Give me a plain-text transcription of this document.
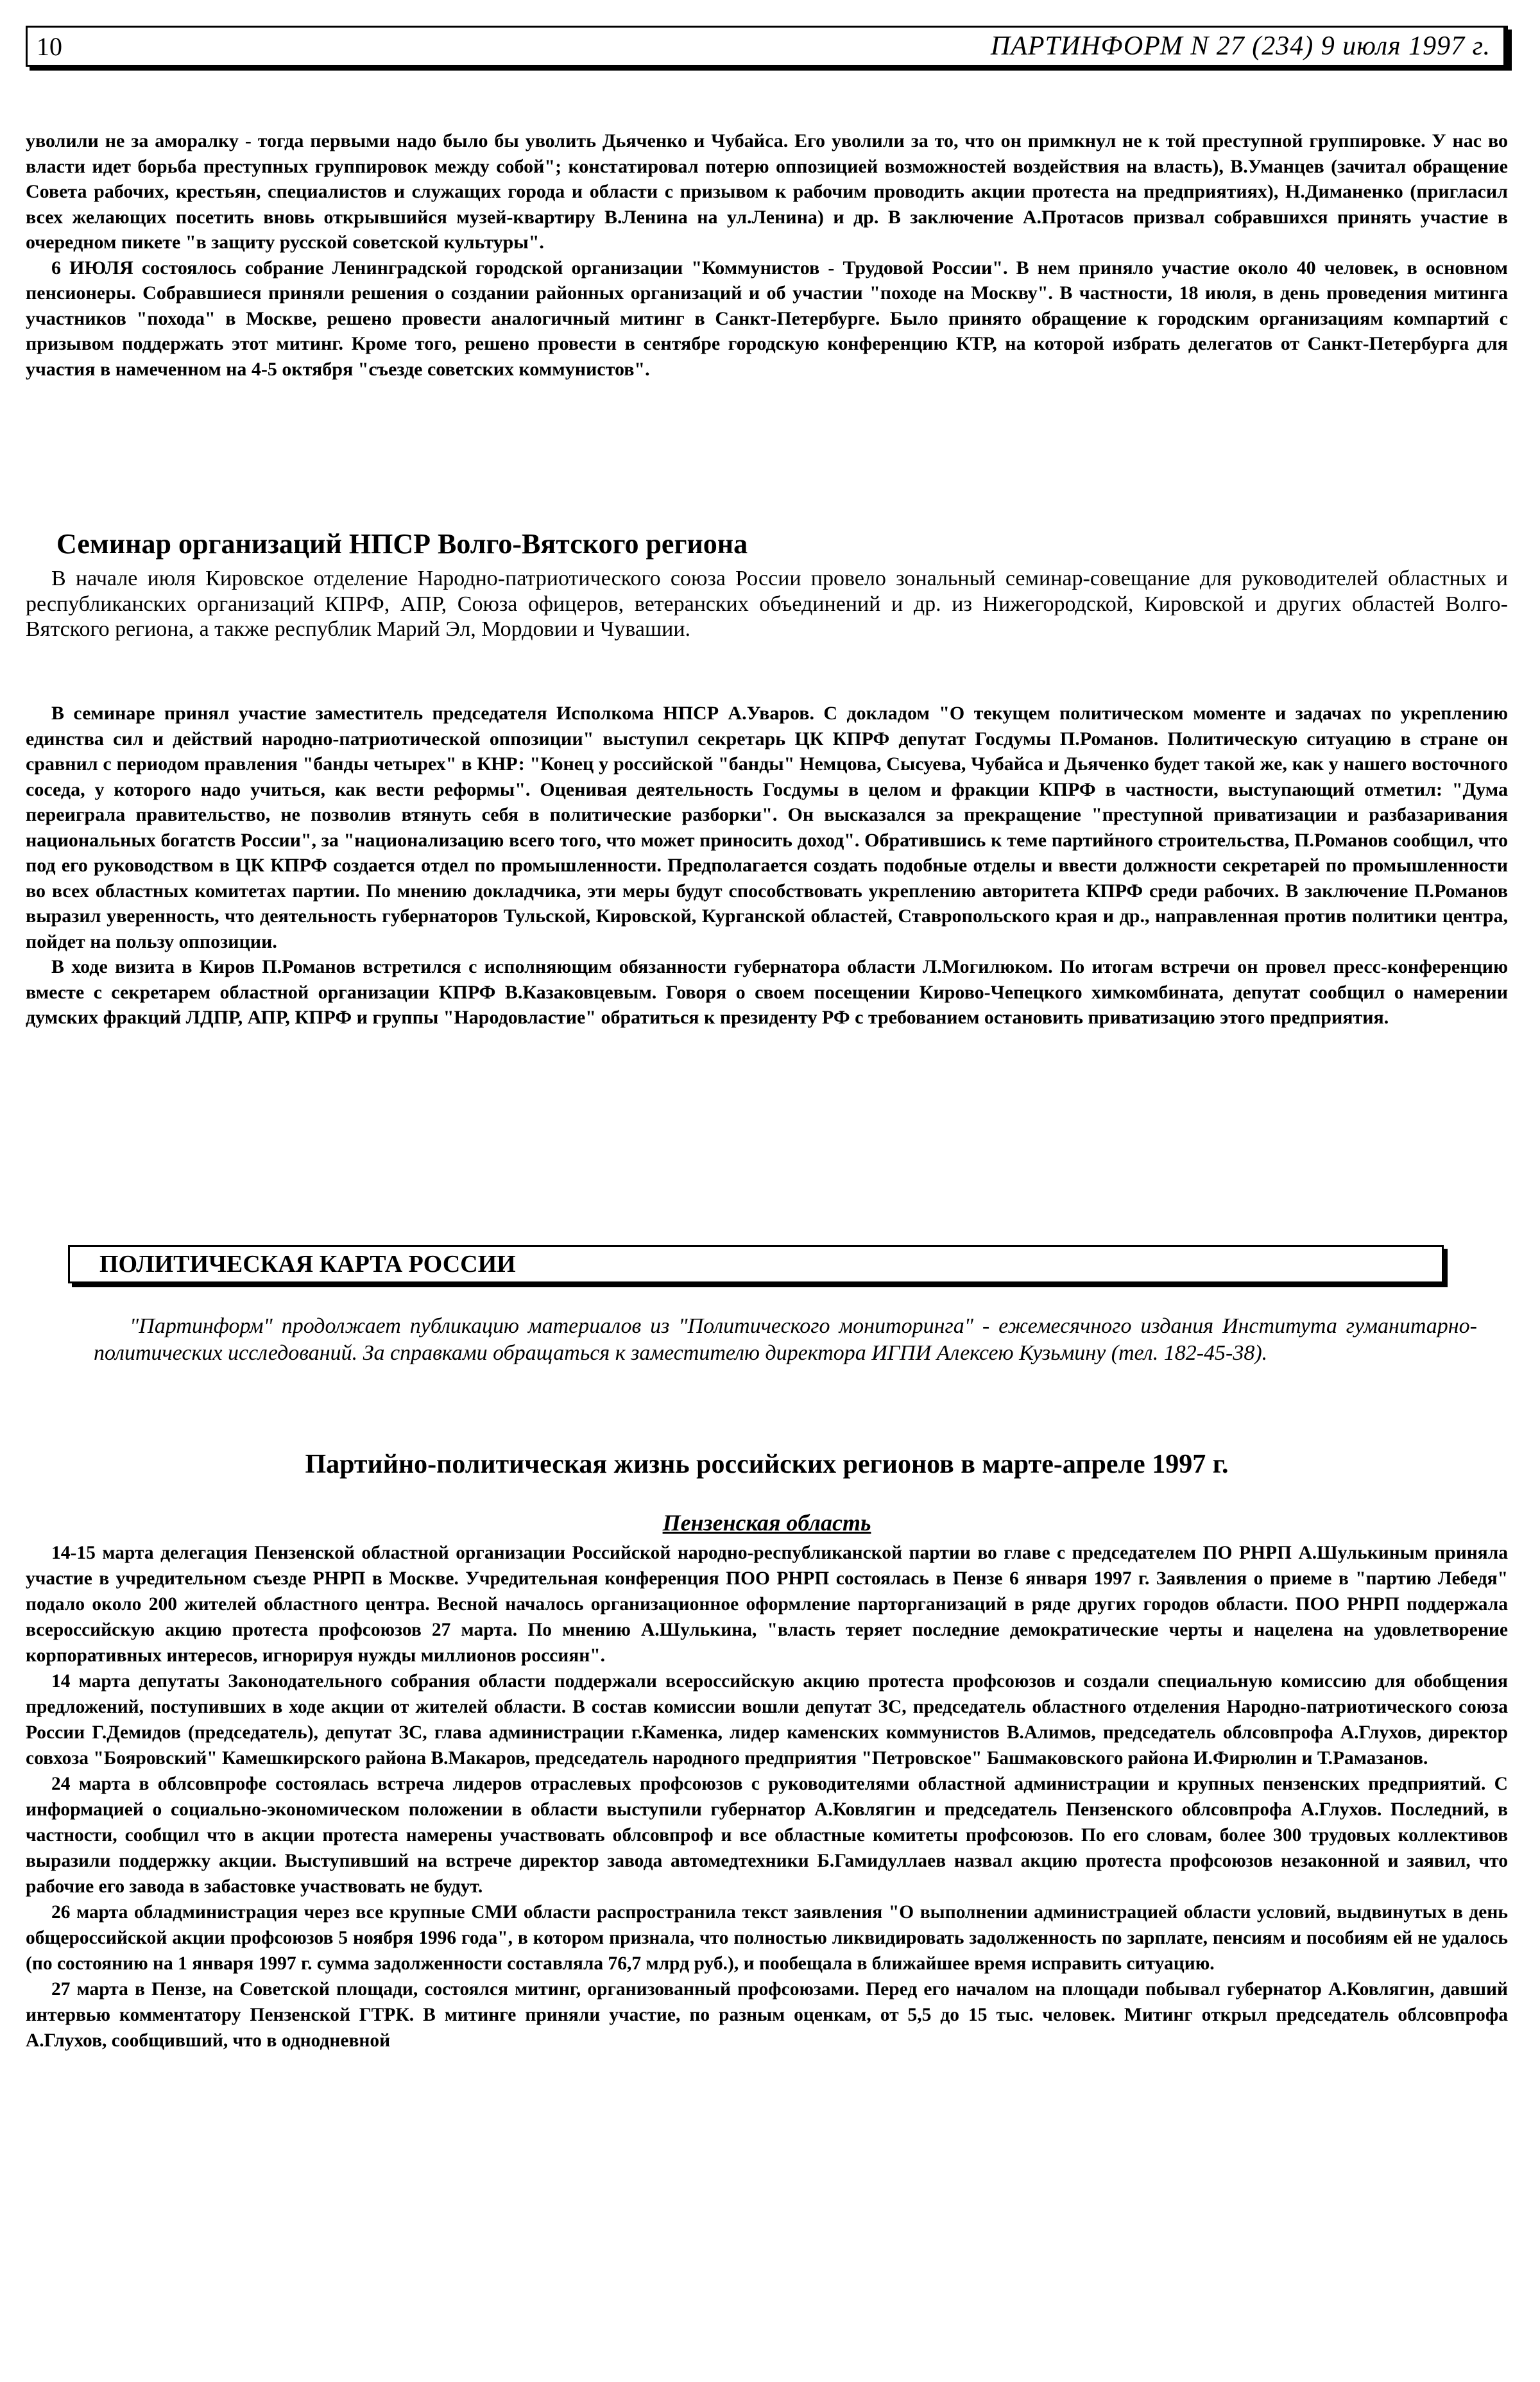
10	ПАРТИНФОРМ N 27 (234) 9 июля 1997 г.

уволили не за аморалку - тогда первыми надо было бы уволить Дьяченко и Чубайса. Его уволили за то, что он примкнул не к той преступной группировке. У нас во власти идет борьба преступных группировок между собой"; констатировал потерю оппозицией возможностей воздействия на власть), В.Уманцев (зачитал обращение Совета рабочих, крестьян, специалистов и служащих города и области с призывом к рабочим проводить акции протеста на предприятиях), Н.Диманенко (пригласил всех желающих посетить вновь открывшийся музей-квартиру В.Ленина на ул.Ленина) и др. В заключение А.Протасов призвал собравшихся принять участие в очередном пикете "в защиту русской советской культуры".

6 ИЮЛЯ состоялось собрание Ленинградской городской организации "Коммунистов - Трудовой России". В нем приняло участие около 40 человек, в основном пенсионеры. Собравшиеся приняли решения о создании районных организаций и об участии "походе на Москву". В частности, 18 июля, в день проведения митинга участников "похода" в Москве, решено провести аналогичный митинг в Санкт-Петербурге. Было принято обращение к городским организациям компартий с призывом поддержать этот митинг. Кроме того, решено провести в сентябре городскую конференцию КТР, на которой избрать делегатов от Санкт-Петербурга для участия в намеченном на 4-5 октября "съезде советских коммунистов".

Семинар организаций НПСР Волго-Вятского региона

В начале июля Кировское отделение Народно-патриотического союза России провело зональный семинар-совещание для руководителей областных и республиканских организаций КПРФ, АПР, Союза офицеров, ветеранских объединений и др. из Нижегородской, Кировской и других областей Волго-Вятского региона, а также республик Марий Эл, Мордовии и Чувашии.

В семинаре принял участие заместитель председателя Исполкома НПСР А.Уваров. С докладом "О текущем политическом моменте и задачах по укреплению единства сил и действий народно-патриотической оппозиции" выступил секретарь ЦК КПРФ депутат Госдумы П.Романов. Политическую ситуацию в стране он сравнил с периодом правления "банды четырех" в КНР: "Конец у российской "банды" Немцова, Сысуева, Чубайса и Дьяченко будет такой же, как у нашего восточного соседа, у которого надо учиться, как вести реформы". Оценивая деятельность Госдумы в целом и фракции КПРФ в частности, выступающий отметил: "Дума переиграла правительство, не позволив втянуть себя в политические разборки". Он высказался за прекращение "преступной приватизации и разбазаривания национальных богатств России", за "национализацию всего того, что может приносить доход". Обратившись к теме партийного строительства, П.Романов сообщил, что под его руководством в ЦК КПРФ создается отдел по промышленности. Предполагается создать подобные отделы и ввести должности секретарей по промышленности во всех областных комитетах партии. По мнению докладчика, эти меры будут способствовать укреплению авторитета КПРФ среди рабочих. В заключение П.Романов выразил уверенность, что деятельность губернаторов Тульской, Кировской, Курганской областей, Ставропольского края и др., направленная против политики центра, пойдет на пользу оппозиции.

В ходе визита в Киров П.Романов встретился с исполняющим обязанности губернатора области Л.Могилюком. По итогам встречи он провел пресс-конференцию вместе с секретарем областной организации КПРФ В.Казаковцевым. Говоря о своем посещении Кирово-Чепецкого химкомбината, депутат сообщил о намерении думских фракций ЛДПР, АПР, КПРФ и группы "Народовластие" обратиться к президенту РФ с требованием остановить приватизацию этого предприятия.

ПОЛИТИЧЕСКАЯ КАРТА РОССИИ

"Партинформ" продолжает публикацию материалов из "Политического мониторинга" - ежемесячного издания Института гуманитарно-политических исследований. За справками обращаться к заместителю директора ИГПИ Алексею Кузьмину (тел. 182-45-38).

Партийно-политическая жизнь российских регионов в марте-апреле 1997 г.
Пензенская область

14-15 марта делегация Пензенской областной организации Российской народно-республиканской партии во главе с председателем ПО РНРП А.Шулькиным приняла участие в учредительном съезде РНРП в Москве. Учредительная конференция ПОО РНРП состоялась в Пензе 6 января 1997 г. Заявления о приеме в "партию Лебедя" подало около 200 жителей областного центра. Весной началось организационное оформление парторганизаций в ряде других городов области. ПОО РНРП поддержала всероссийскую акцию протеста профсоюзов 27 марта. По мнению А.Шулькина, "власть теряет последние демократические черты и нацелена на удовлетворение корпоративных интересов, игнорируя нужды миллионов россиян".

14 марта депутаты Законодательного собрания области поддержали всероссийскую акцию протеста профсоюзов и создали специальную комиссию для обобщения предложений, поступивших в ходе акции от жителей области. В состав комиссии вошли депутат ЗС, председатель областного отделения Народно-патриотического союза России Г.Демидов (председатель), депутат ЗС, глава администрации г.Каменка, лидер каменских коммунистов В.Алимов, председатель облсовпрофа А.Глухов, директор совхоза "Бояровский" Камешкирского района В.Макаров, председатель народного предприятия "Петровское" Башмаковского района И.Фирюлин и Т.Рамазанов.

24 марта в облсовпрофе состоялась встреча лидеров отраслевых профсоюзов с руководителями областной администрации и крупных пензенских предприятий. С информацией о социально-экономическом положении в области выступили губернатор А.Ковлягин и председатель Пензенского облсовпрофа А.Глухов. Последний, в частности, сообщил что в акции протеста намерены участвовать облсовпроф и все областные комитеты профсоюзов. По его словам, более 300 трудовых коллективов выразили поддержку акции. Выступивший на встрече директор завода автомедтехники Б.Гамидуллаев назвал акцию протеста профсоюзов незаконной и заявил, что рабочие его завода в забастовке участвовать не будут.

26 марта обладминистрация через все крупные СМИ области распространила текст заявления "О выполнении администрацией области условий, выдвинутых в день общероссийской акции профсоюзов 5 ноября 1996 года", в котором признала, что полностью ликвидировать задолженность по зарплате, пенсиям и пособиям ей не удалось (по состоянию на 1 января 1997 г. сумма задолженности составляла 76,7 млрд руб.), и пообещала в ближайшее время исправить ситуацию.

27 марта в Пензе, на Советской площади, состоялся митинг, организованный профсоюзами. Перед его началом на площади побывал губернатор А.Ковлягин, давший интервью комментатору Пензенской ГТРК. В митинге приняли участие, по разным оценкам, от 5,5 до 15 тыс. человек. Митинг открыл председатель облсовпрофа А.Глухов, сообщивший, что в однодневной
